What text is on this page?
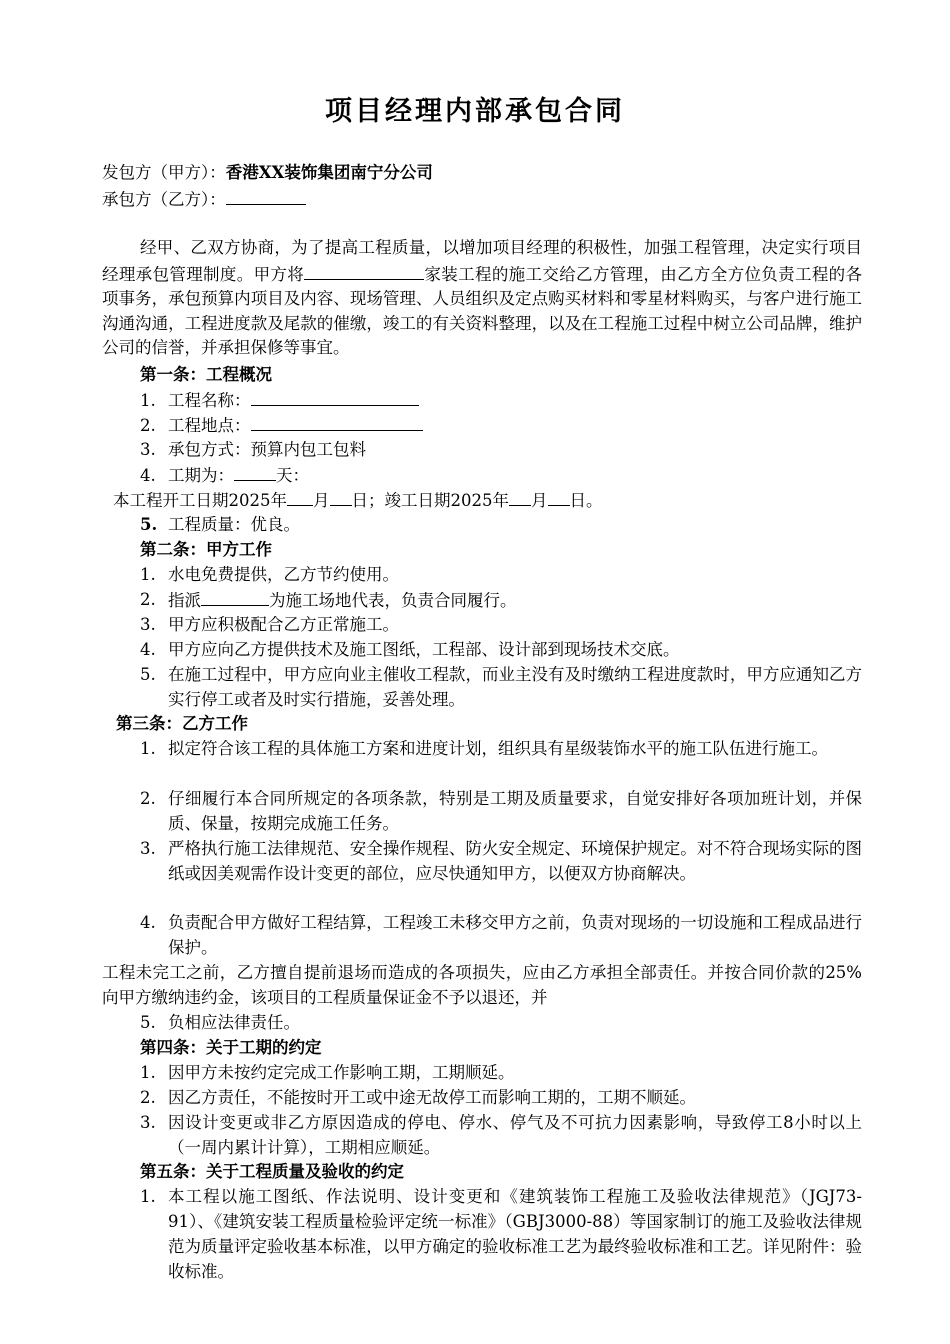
项目经理内部承包合同
发包方（甲方）：香港XX装饰集团南宁分公司
承包方（乙方）：
经甲、乙双方协商，为了提高工程质量，以增加项目经理的积极性，加强工程管理，决定实行项目经理承包管理制度。甲方将	家装工程的施工交给乙方管理，由乙方全方位负责工程的各项事务，承包预算内项目及内容、现场管理、人员组织及定点购买材料和零星材料购买，与客户进行施工沟通沟通，工程进度款及尾款的催缴，竣工的有关资料整理，以及在工程施工过程中树立公司品牌，维护公司的信誉，并承担保修等事宜。
第一条：工程概况
1. 工程名称：
2. 工程地点：
3. 承包方式：预算内包工包料
4. 工期为：	天：
本工程开工日期2025年 月 日；竣工日期2025年 月 日。
5. 工程质量：优良。
第二条：甲方工作
1. 水电免费提供，乙方节约使用。
2. 指派	为施工场地代表，负责合同履行。
3. 甲方应积极配合乙方正常施工。
4. 甲方应向乙方提供技术及施工图纸，工程部、设计部到现场技术交底。
5. 在施工过程中，甲方应向业主催收工程款，而业主没有及时缴纳工程进度款时，甲方应通知乙方实行停工或者及时实行措施，妥善处理。
第三条：乙方工作
1. 拟定符合该工程的具体施工方案和进度计划，组织具有星级装饰水平的施工队伍进行施工。
2. 仔细履行本合同所规定的各项条款，特别是工期及质量要求，自觉安排好各项加班计划，并保质、保量，按期完成施工任务。
3. 严格执行施工法律规范、安全操作规程、防火安全规定、环境保护规定。对不符合现场实际的图纸或因美观需作设计变更的部位，应尽快通知甲方，以便双方协商解决。
4. 负责配合甲方做好工程结算，工程竣工未移交甲方之前，负责对现场的一切设施和工程成品进行保护。
工程未完工之前，乙方擅自提前退场而造成的各项损失，应由乙方承担全部责任。并按合同价款的25%向甲方缴纳违约金，该项目的工程质量保证金不予以退还，并
5. 负相应法律责任。
第四条：关于工期的约定
1. 因甲方未按约定完成工作影响工期，工期顺延。
2. 因乙方责任，不能按时开工或中途无故停工而影响工期的，工期不顺延。
3. 因设计变更或非乙方原因造成的停电、停水、停气及不可抗力因素影响，导致停工8小时以上（一周内累计计算），工期相应顺延。
第五条：关于工程质量及验收的约定
1. 本工程以施工图纸、作法说明、设计变更和《建筑装饰工程施工及验收法律规范》（JGJ73-91）、《建筑安装工程质量检验评定统一标准》（GBJ3000-88）等国家制订的施工及验收法律规范为质量评定验收基本标准，以甲方确定的验收标准工艺为最终验收标准和工艺。详见附件：验收标准。
